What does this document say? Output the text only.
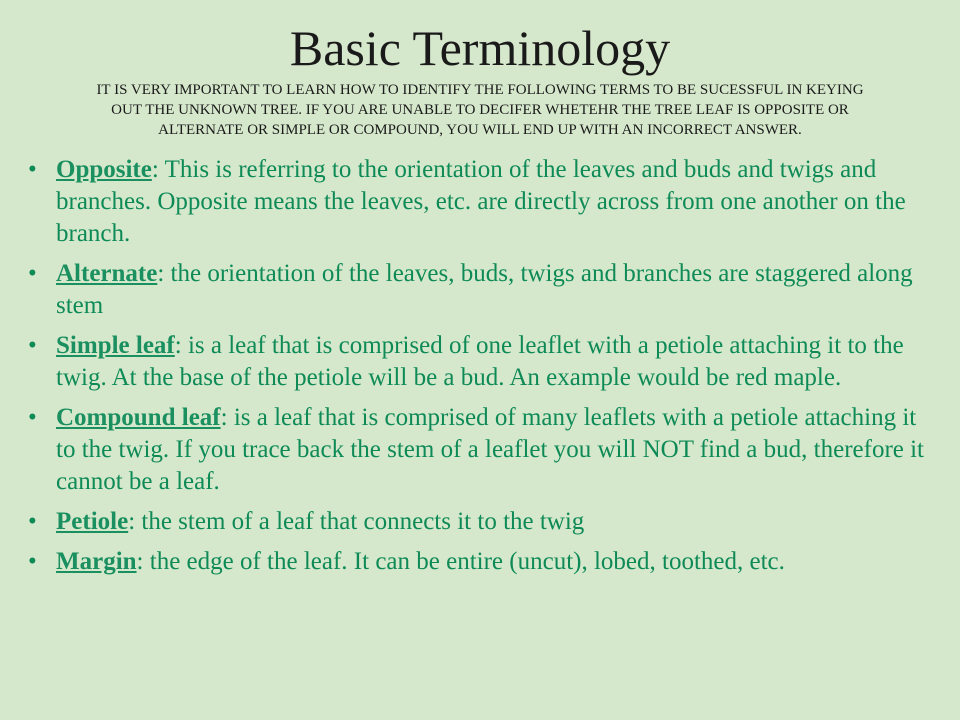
Basic Terminology

IT IS VERY IMPORTANT TO LEARN HOW TO IDENTIFY THE FOLLOWING TERMS TO BE SUCESSFUL IN KEYING OUT THE UNKNOWN TREE. IF YOU ARE UNABLE TO DECIFER WHETEHR THE TREE LEAF IS OPPOSITE OR ALTERNATE OR SIMPLE OR COMPOUND, YOU WILL END UP WITH AN INCORRECT ANSWER.

• Opposite: This is referring to the orientation of the leaves and buds and twigs and branches. Opposite means the leaves, etc. are directly across from one another on the branch.
• Alternate: the orientation of the leaves, buds, twigs and branches are staggered along stem
• Simple leaf: is a leaf that is comprised of one leaflet with a petiole attaching it to the twig. At the base of the petiole will be a bud. An example would be red maple.
• Compound leaf: is a leaf that is comprised of many leaflets with a petiole attaching it to the twig. If you trace back the stem of a leaflet you will NOT find a bud, therefore it cannot be a leaf.
• Petiole: the stem of a leaf that connects it to the twig
• Margin: the edge of the leaf. It can be entire (uncut), lobed, toothed, etc.
